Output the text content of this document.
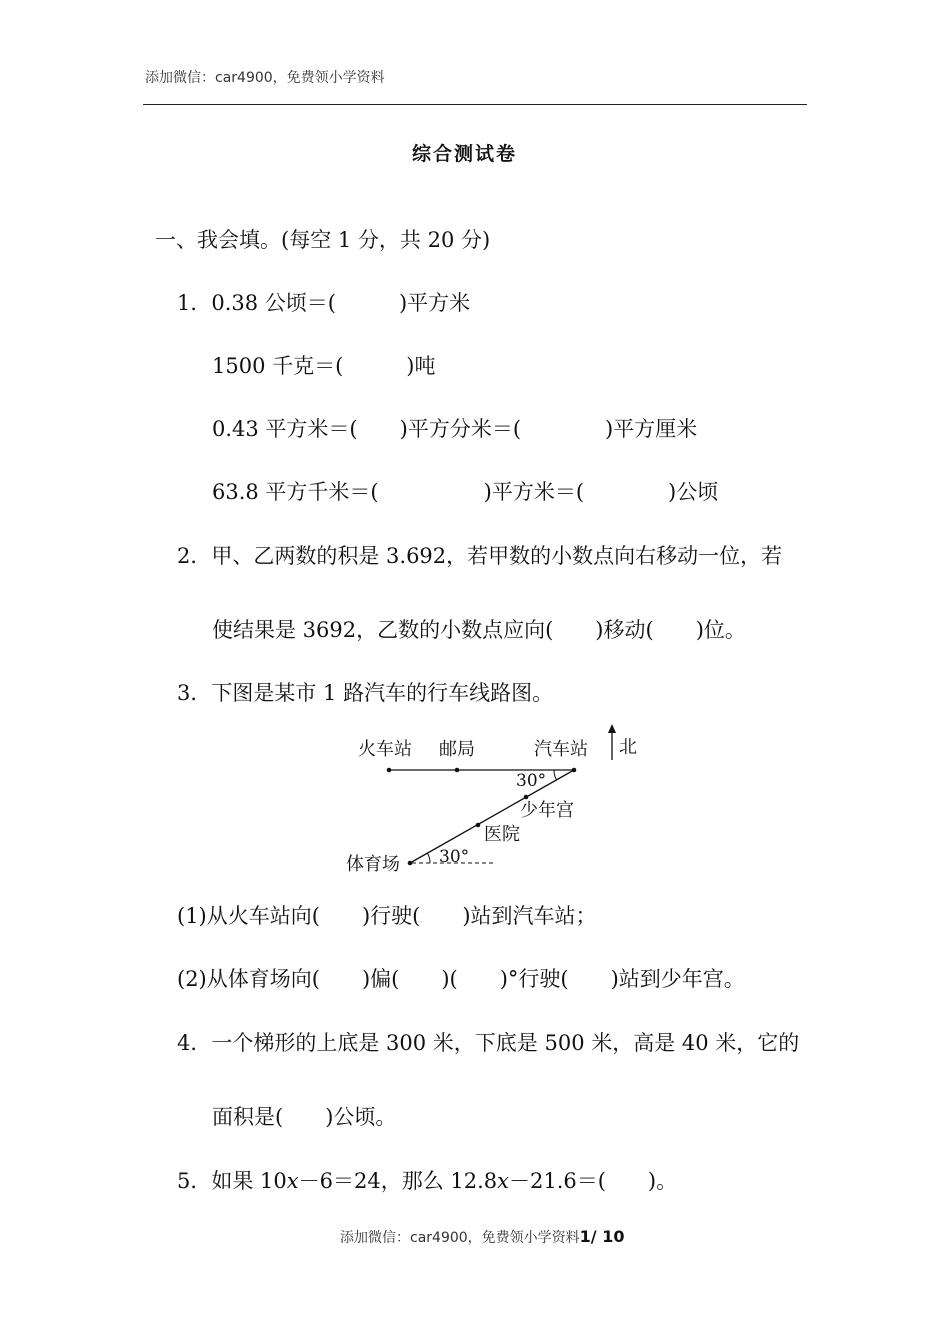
添加微信：car4900，免费领小学资料
综合测试卷
一、我会填。(每空 1 分，共 20 分)
1．0.38 公顷＝(　　　)平方米
1500 千克＝(　　　)吨
0.43 平方米＝(　　)平方分米＝(　　　　)平方厘米
63.8 平方千米＝(　　　　　)平方米＝(　　　　)公顷
2．甲、乙两数的积是 3.692，若甲数的小数点向右移动一位，若
使结果是 3692，乙数的小数点应向(　　)移动(　　)位。
3．下图是某市 1 路汽车的行车线路图。
火车站 邮局	汽车站 北
30°
少年宫
医院
体育场 30°
(1)从火车站向(　　)行驶(　　)站到汽车站；
(2)从体育场向(　　)偏(　　)(　　)°行驶(　　)站到少年宫。
4．一个梯形的上底是 300 米，下底是 500 米，高是 40 米，它的
面积是(　　)公顷。
5．如果 10x－6＝24，那么 12.8x－21.6＝(　　)。
添加微信：car4900，免费领小学资料1/ 10
